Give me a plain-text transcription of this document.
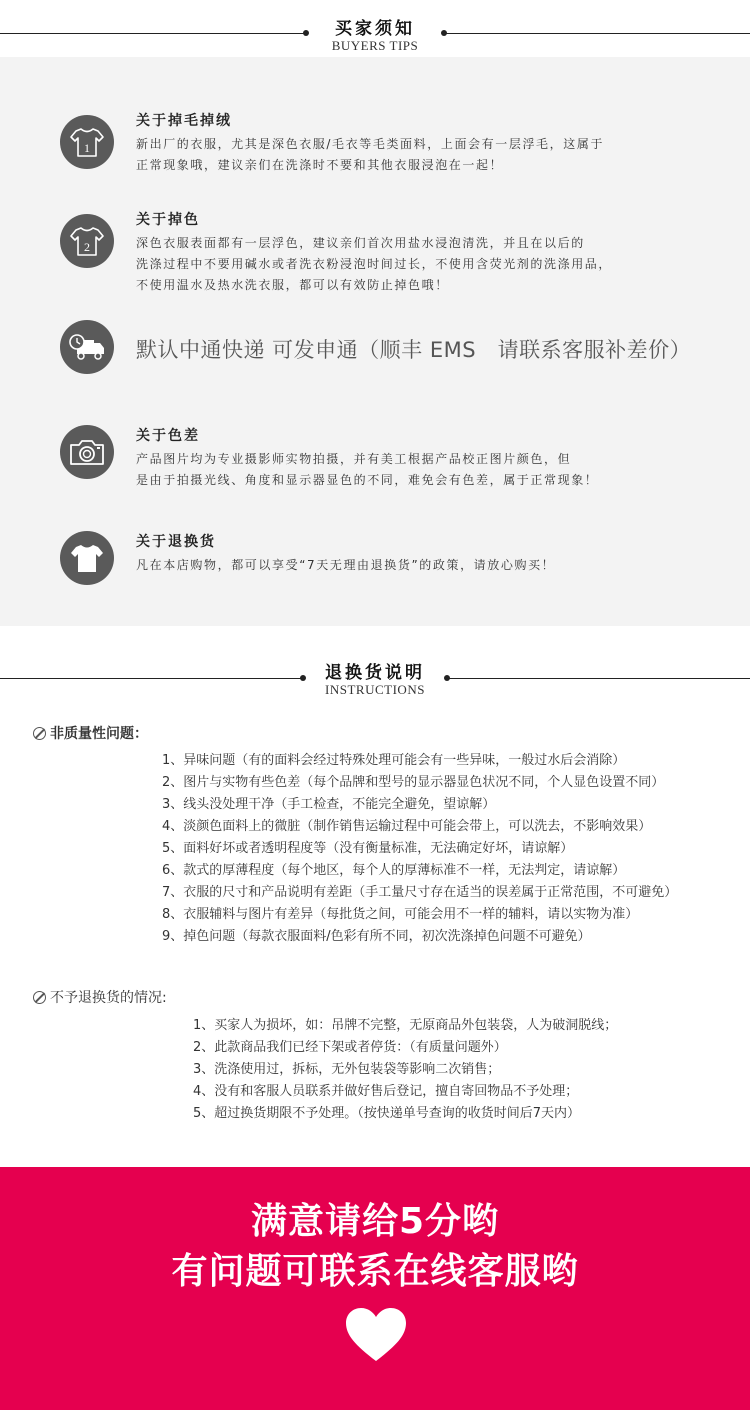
买家须知
BUYERS TIPS
1
关于掉毛掉绒
新出厂的衣服，尤其是深色衣服/毛衣等毛类面料，上面会有一层浮毛，这属于
正常现象哦，建议亲们在洗涤时不要和其他衣服浸泡在一起！
2
关于掉色
深色衣服表面都有一层浮色，建议亲们首次用盐水浸泡清洗，并且在以后的
洗涤过程中不要用碱水或者洗衣粉浸泡时间过长，不使用含荧光剂的洗涤用品，
不使用温水及热水洗衣服，都可以有效防止掉色哦！
默认中通快递 可发申通（顺丰 EMS　请联系客服补差价）
关于色差
产品图片均为专业摄影师实物拍摄，并有美工根据产品校正图片颜色，但
是由于拍摄光线、角度和显示器显色的不同，难免会有色差，属于正常现象！
关于退换货
凡在本店购物，都可以享受“7天无理由退换货”的政策，请放心购买！
退换货说明
INSTRUCTIONS
非质量性问题：
1、异味问题（有的面料会经过特殊处理可能会有一些异味，一般过水后会消除）
2、图片与实物有些色差（每个品牌和型号的显示器显色状况不同，个人显色设置不同）
3、线头没处理干净（手工检查，不能完全避免，望谅解）
4、淡颜色面料上的微脏（制作销售运输过程中可能会带上，可以洗去，不影响效果）
5、面料好坏或者透明程度等（没有衡量标准，无法确定好坏，请谅解）
6、款式的厚薄程度（每个地区，每个人的厚薄标准不一样，无法判定，请谅解）
7、衣服的尺寸和产品说明有差距（手工量尺寸存在适当的误差属于正常范围，不可避免）
8、衣服辅料与图片有差异（每批货之间，可能会用不一样的辅料，请以实物为准）
9、掉色问题（每款衣服面料/色彩有所不同，初次洗涤掉色问题不可避免）
不予退换货的情况:
1、买家人为损坏，如：吊牌不完整，无原商品外包装袋，人为破洞脱线；
2、此款商品我们已经下架或者停货：（有质量问题外）
3、洗涤使用过，拆标，无外包装袋等影响二次销售；
4、没有和客服人员联系并做好售后登记，擅自寄回物品不予处理；
5、超过换货期限不予处理。（按快递单号查询的收货时间后7天内）
满意请给5分哟
有问题可联系在线客服哟
